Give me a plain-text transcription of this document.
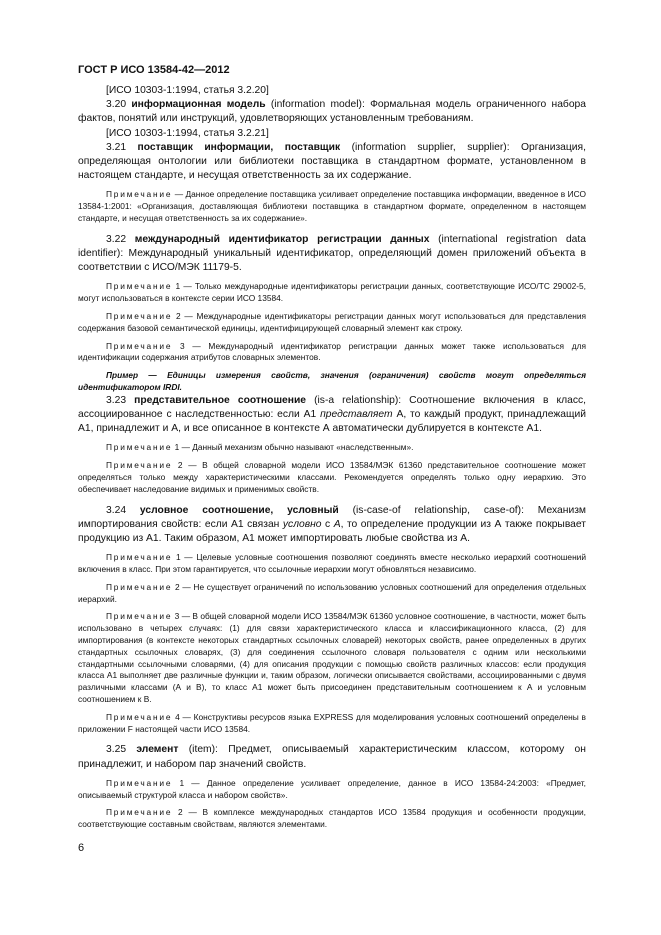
ГОСТ Р ИСО 13584-42—2012

[ИСО 10303-1:1994, статья 3.2.20]

3.20 информационная модель (information model): Формальная модель ограниченного набора фактов, понятий или инструкций, удовлетворяющих установленным требованиям.

[ИСО 10303-1:1994, статья 3.2.21]

3.21 поставщик информации, поставщик (information supplier, supplier): Организация, определяющая онтологии или библиотеки поставщика в стандартном формате, установленном в настоящем стандарте, и несущая ответственность за их содержание.

Примечание — Данное определение поставщика усиливает определение поставщика информации, введенное в ИСО 13584-1:2001: «Организация, доставляющая библиотеки поставщика в стандартном формате, определенном в настоящем стандарте, и несущая ответственность за их содержание».

3.22 международный идентификатор регистрации данных (international registration data identifier): Международный уникальный идентификатор, определяющий домен приложений объекта в соответствии с ИСО/МЭК 11179-5.

Примечание 1 — Только международные идентификаторы регистрации данных, соответствующие ИСО/ТС 29002-5, могут использоваться в контексте серии ИСО 13584.

Примечание 2 — Международные идентификаторы регистрации данных могут использоваться для представления содержания базовой семантической единицы, идентифицирующей словарный элемент как строку.

Примечание 3 — Международный идентификатор регистрации данных может также использоваться для идентификации содержания атрибутов словарных элементов.

Пример — Единицы измерения свойств, значения (ограничения) свойств могут определяться идентификатором IRDI.

3.23 представительное соотношение (is-a relationship): Соотношение включения в класс, ассоциированное с наследственностью: если А1 представляет А, то каждый продукт, принадлежащий А1, принадлежит и А, и все описанное в контексте А автоматически дублируется в контексте А1.

Примечание 1 — Данный механизм обычно называют «наследственным».

Примечание 2 — В общей словарной модели ИСО 13584/МЭК 61360 представительное соотношение может определяться только между характеристическими классами. Рекомендуется определять только одну иерархию. Это обеспечивает наследование видимых и применимых свойств.

3.24 условное соотношение, условный (is-case-of relationship, case-of): Механизм импортирования свойств: если А1 связан условно с А, то определение продукции из А также покрывает продукцию из А1. Таким образом, А1 может импортировать любые свойства из А.

Примечание 1 — Целевые условные соотношения позволяют соединять вместе несколько иерархий соотношений включения в класс. При этом гарантируется, что ссылочные иерархии могут обновляться независимо.

Примечание 2 — Не существует ограничений по использованию условных соотношений для определения отдельных иерархий.

Примечание 3 — В общей словарной модели ИСО 13584/МЭК 61360 условное соотношение, в частности, может быть использовано в четырех случаях: (1) для связи характеристического класса и классификационного класса, (2) для импортирования (в контексте некоторых стандартных ссылочных словарей) некоторых свойств, ранее определенных в других стандартных ссылочных словарях, (3) для соединения ссылочного словаря пользователя с одним или несколькими стандартными ссылочными словарями, (4) для описания продукции с помощью свойств различных классов: если продукция класса А1 выполняет две различные функции и, таким образом, логически описывается свойствами, ассоциированными с двумя различными классами (А и В), то класс А1 может быть присоединен представительным соотношением к А и условным соотношением к В.

Примечание 4 — Конструктивы ресурсов языка EXPRESS для моделирования условных соотношений определены в приложении F настоящей части ИСО 13584.

3.25 элемент (item): Предмет, описываемый характеристическим классом, которому он принадлежит, и набором пар значений свойств.

Примечание 1 — Данное определение усиливает определение, данное в ИСО 13584-24:2003: «Предмет, описываемый структурой класса и набором свойств».

Примечание 2 — В комплексе международных стандартов ИСО 13584 продукция и особенности продукции, соответствующие составным свойствам, являются элементами.

6
